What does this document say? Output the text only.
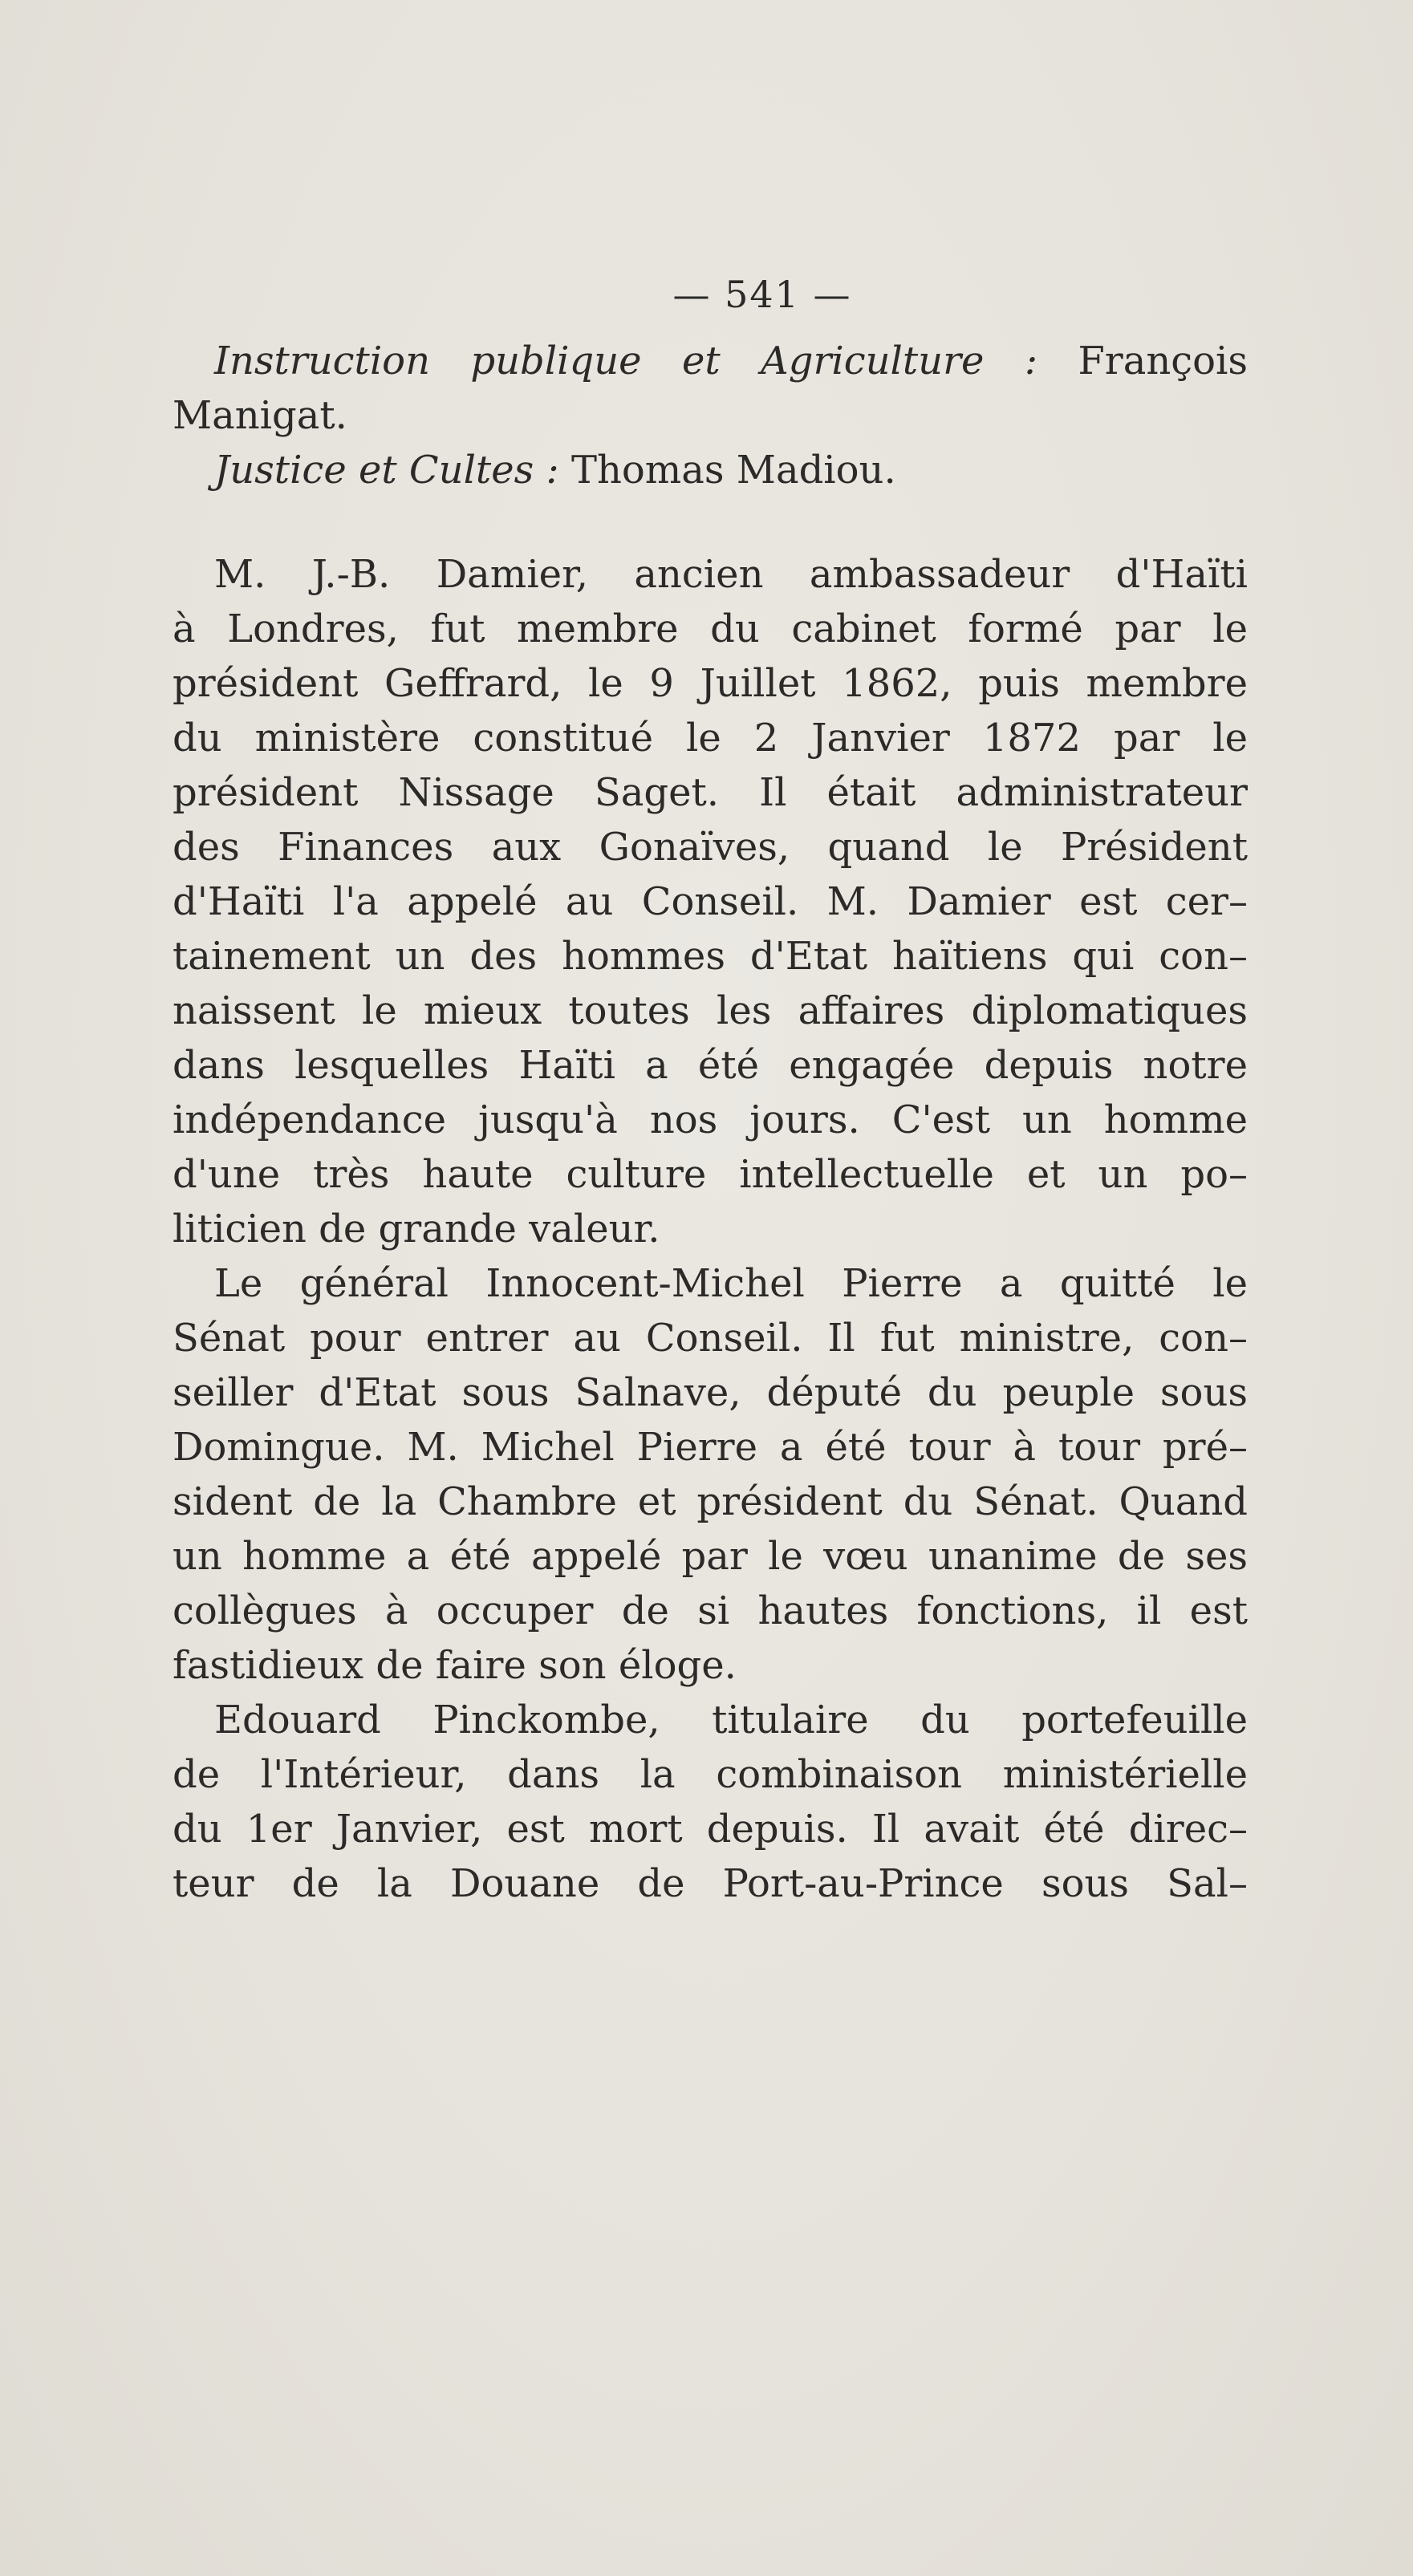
— 541 —
Instruction publique et Agriculture : François
Manigat.
Justice et Cultes : Thomas Madiou.
M. J.-B. Damier, ancien ambassadeur d'Haïti
à Londres, fut membre du cabinet formé par le
président Geffrard, le 9 Juillet 1862, puis membre
du ministère constitué le 2 Janvier 1872 par le
président Nissage Saget. Il était administrateur
des Finances aux Gonaïves, quand le Président
d'Haïti l'a appelé au Conseil. M. Damier est cer–
tainement un des hommes d'Etat haïtiens qui con–
naissent le mieux toutes les affaires diplomatiques
dans lesquelles Haïti a été engagée depuis notre
indépendance jusqu'à nos jours. C'est un homme
d'une très haute culture intellectuelle et un po–
liticien de grande valeur.
Le général Innocent-Michel Pierre a quitté le
Sénat pour entrer au Conseil. Il fut ministre, con–
seiller d'Etat sous Salnave, député du peuple sous
Domingue. M. Michel Pierre a été tour à tour pré–
sident de la Chambre et président du Sénat. Quand
un homme a été appelé par le vœu unanime de ses
collègues à occuper de si hautes fonctions, il est
fastidieux de faire son éloge.
Edouard Pinckombe, titulaire du portefeuille
de l'Intérieur, dans la combinaison ministérielle
du 1er Janvier, est mort depuis. Il avait été direc–
teur de la Douane de Port-au-Prince sous Sal–
